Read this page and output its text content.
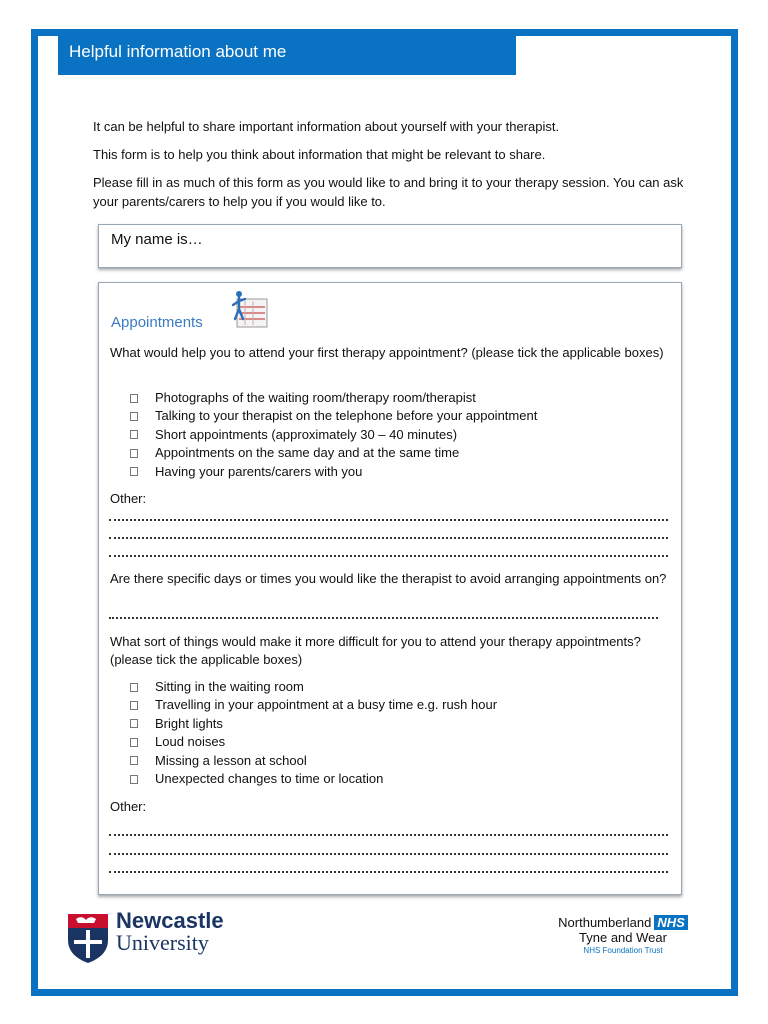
Helpful information about me

It can be helpful to share important information about yourself with your therapist.

This form is to help you think about information that might be relevant to share.

Please fill in as much of this form as you would like to and bring it to your therapy session. You can ask your parents/carers to help you if you would like to.

My name is…
Appointments
What would help you to attend your first therapy appointment? (please tick the applicable boxes)
Photographs of the waiting room/therapy room/therapist
Talking to your therapist on the telephone before your appointment
Short appointments (approximately 30 – 40 minutes)
Appointments on the same day and at the same time
Having your parents/carers with you
Other:
Are there specific days or times you would like the therapist to avoid arranging appointments on?
What sort of things would make it more difficult for you to attend your therapy appointments? (please tick the applicable boxes)
Sitting in the waiting room
Travelling in your appointment at a busy time e.g. rush hour
Bright lights
Loud noises
Missing a lesson at school
Unexpected changes to time or location
Other:
Newcastle
University
Northumberland NHS
Tyne and Wear
NHS Foundation Trust
